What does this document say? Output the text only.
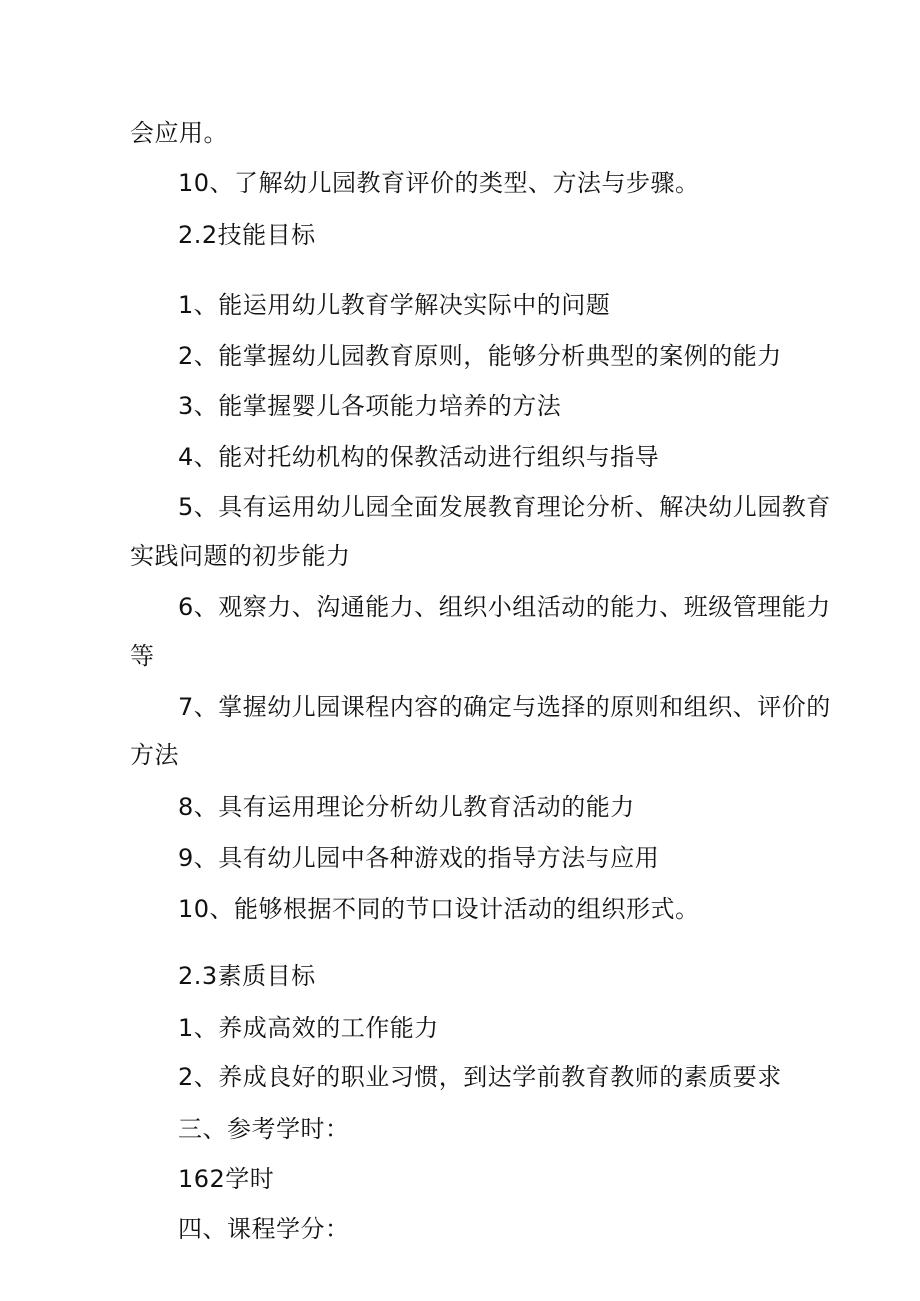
会应用。
10、了解幼儿园教育评价的类型、方法与步骤。
2.2技能目标
1、能运用幼儿教育学解决实际中的问题
2、能掌握幼儿园教育原则，能够分析典型的案例的能力
3、能掌握婴儿各项能力培养的方法
4、能对托幼机构的保教活动进行组织与指导
5、具有运用幼儿园全面发展教育理论分析、解决幼儿园教育
实践问题的初步能力
6、观察力、沟通能力、组织小组活动的能力、班级管理能力
等
7、掌握幼儿园课程内容的确定与选择的原则和组织、评价的
方法
8、具有运用理论分析幼儿教育活动的能力
9、具有幼儿园中各种游戏的指导方法与应用
10、能够根据不同的节口设计活动的组织形式。
2.3素质目标
1、养成高效的工作能力
2、养成良好的职业习惯，到达学前教育教师的素质要求
三、参考学时：
162学时
四、课程学分：
